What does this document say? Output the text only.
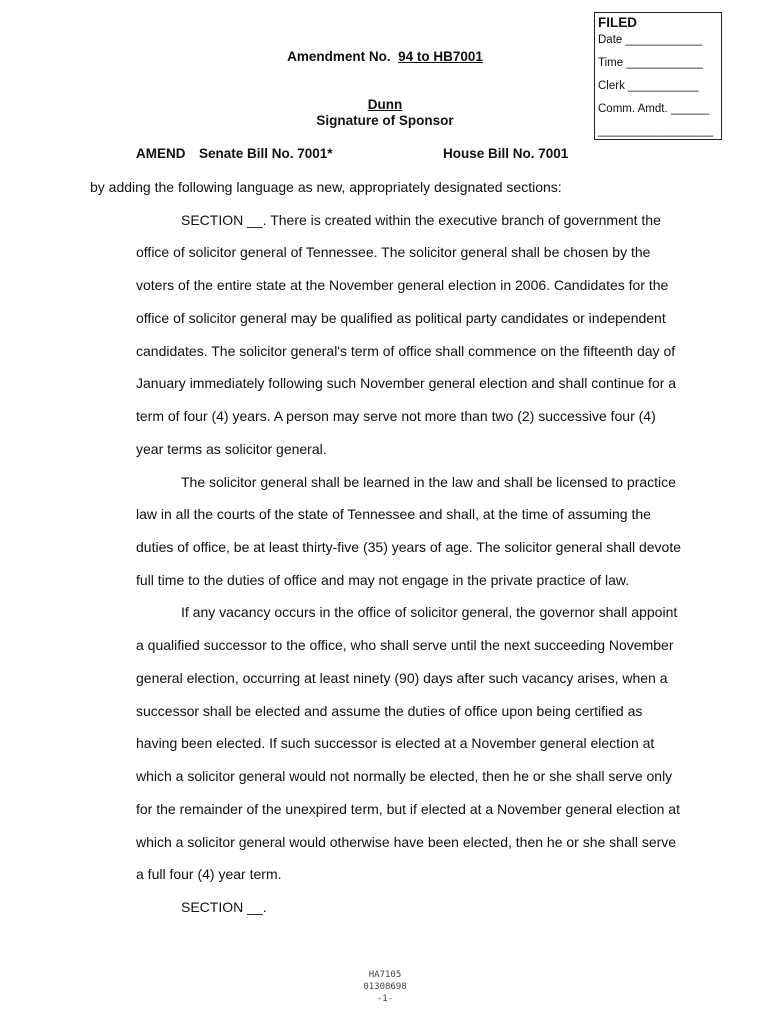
FILED
Date ____________
Time ____________
Clerk ___________
Comm. Amdt. ______
__________________
Amendment No. 94 to HB7001
Dunn
Signature of Sponsor
AMEND Senate Bill No. 7001*	House Bill No. 7001
by adding the following language as new, appropriately designated sections:
SECTION __. There is created within the executive branch of government the
office of solicitor general of Tennessee. The solicitor general shall be chosen by the
voters of the entire state at the November general election in 2006. Candidates for the
office of solicitor general may be qualified as political party candidates or independent
candidates. The solicitor general's term of office shall commence on the fifteenth day of
January immediately following such November general election and shall continue for a
term of four (4) years. A person may serve not more than two (2) successive four (4)
year terms as solicitor general.
The solicitor general shall be learned in the law and shall be licensed to practice
law in all the courts of the state of Tennessee and shall, at the time of assuming the
duties of office, be at least thirty-five (35) years of age. The solicitor general shall devote
full time to the duties of office and may not engage in the private practice of law.
If any vacancy occurs in the office of solicitor general, the governor shall appoint
a qualified successor to the office, who shall serve until the next succeeding November
general election, occurring at least ninety (90) days after such vacancy arises, when a
successor shall be elected and assume the duties of office upon being certified as
having been elected. If such successor is elected at a November general election at
which a solicitor general would not normally be elected, then he or she shall serve only
for the remainder of the unexpired term, but if elected at a November general election at
which a solicitor general would otherwise have been elected, then he or she shall serve
a full four (4) year term.
SECTION __.
HA7105
01308698
-1-
